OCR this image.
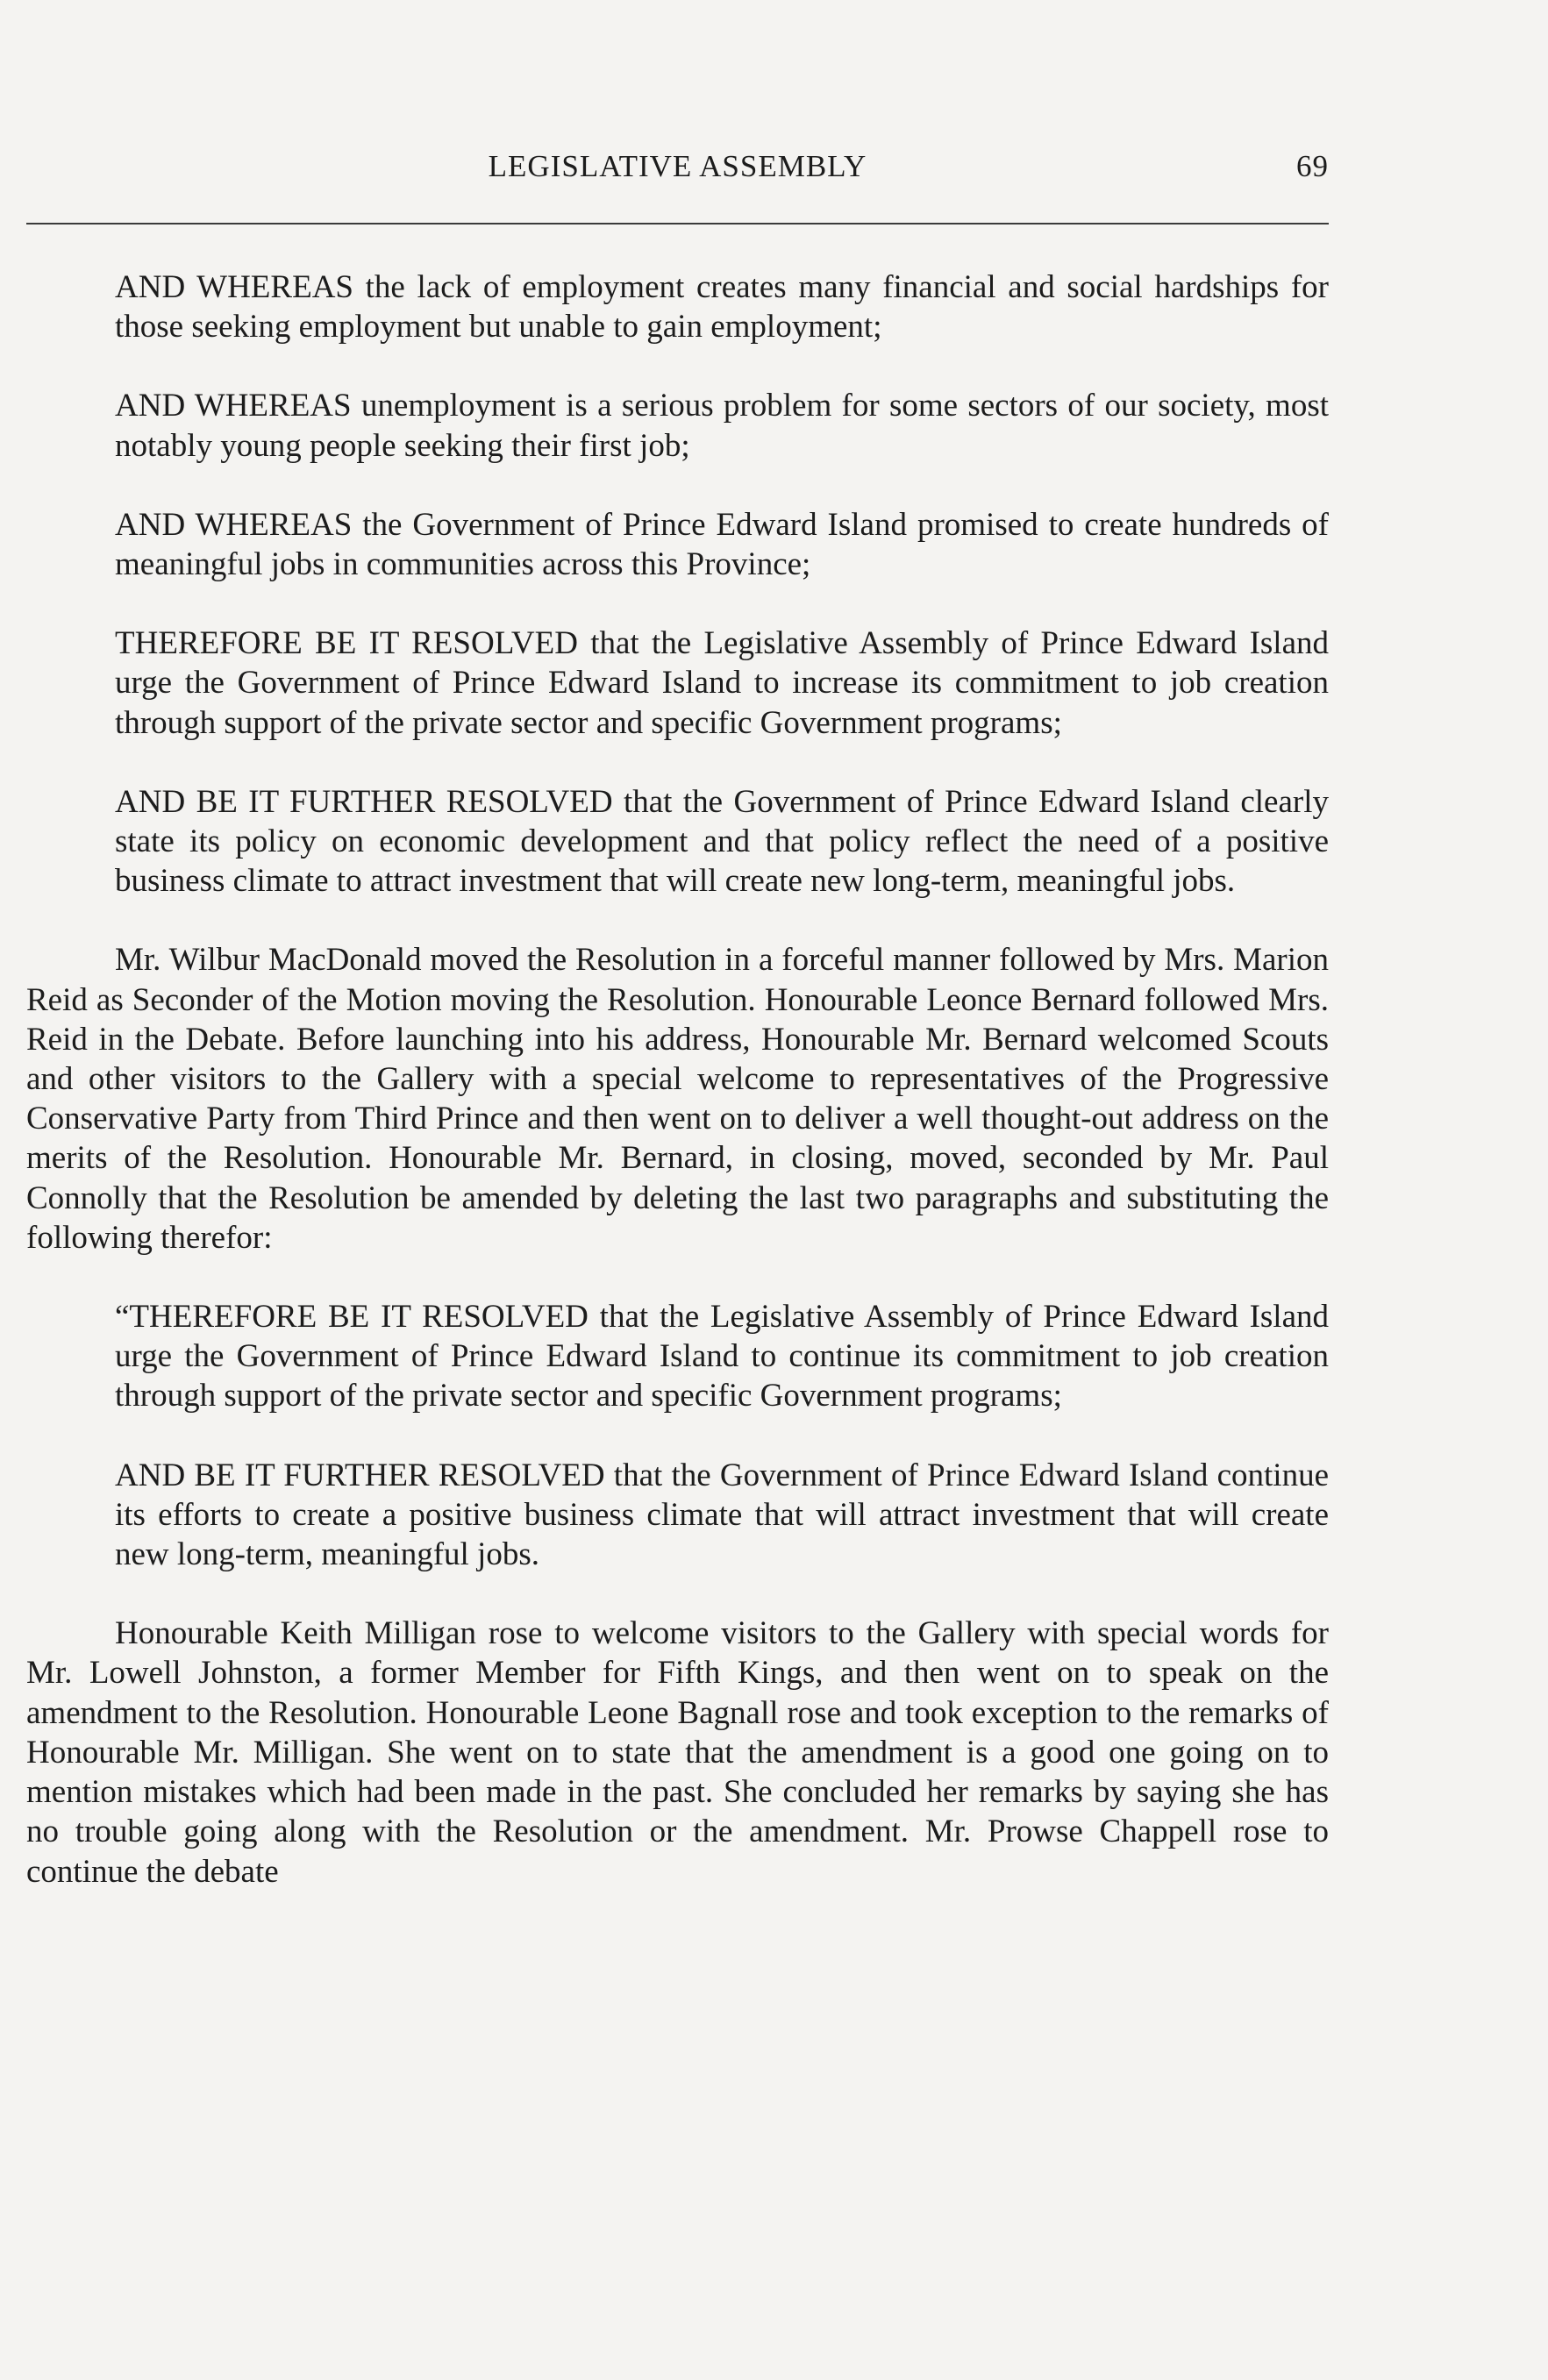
LEGISLATIVE ASSEMBLY	69

AND WHEREAS the lack of employment creates many financial and social hardships for those seeking employment but unable to gain employment;

AND WHEREAS unemployment is a serious problem for some sectors of our society, most notably young people seeking their first job;

AND WHEREAS the Government of Prince Edward Island promised to create hundreds of meaningful jobs in communities across this Province;

THEREFORE BE IT RESOLVED that the Legislative Assembly of Prince Edward Island urge the Government of Prince Edward Island to increase its commitment to job creation through support of the private sector and specific Government programs;

AND BE IT FURTHER RESOLVED that the Government of Prince Edward Island clearly state its policy on economic development and that policy reflect the need of a positive business climate to attract investment that will create new long-term, meaningful jobs.

Mr. Wilbur MacDonald moved the Resolution in a forceful manner followed by Mrs. Marion Reid as Seconder of the Motion moving the Resolution. Honourable Leonce Bernard followed Mrs. Reid in the Debate. Before launching into his address, Honourable Mr. Bernard welcomed Scouts and other visitors to the Gallery with a special welcome to representatives of the Progressive Conservative Party from Third Prince and then went on to deliver a well thought-out address on the merits of the Resolution. Honourable Mr. Bernard, in closing, moved, seconded by Mr. Paul Connolly that the Resolution be amended by deleting the last two paragraphs and substituting the following therefor:

“THEREFORE BE IT RESOLVED that the Legislative Assembly of Prince Edward Island urge the Government of Prince Edward Island to continue its commitment to job creation through support of the private sector and specific Government programs;

AND BE IT FURTHER RESOLVED that the Government of Prince Edward Island continue its efforts to create a positive business climate that will attract investment that will create new long-term, meaningful jobs.

Honourable Keith Milligan rose to welcome visitors to the Gallery with special words for Mr. Lowell Johnston, a former Member for Fifth Kings, and then went on to speak on the amendment to the Resolution. Honourable Leone Bagnall rose and took exception to the remarks of Honourable Mr. Milligan. She went on to state that the amendment is a good one going on to mention mistakes which had been made in the past. She concluded her remarks by saying she has no trouble going along with the Resolution or the amendment. Mr. Prowse Chappell rose to continue the debate
